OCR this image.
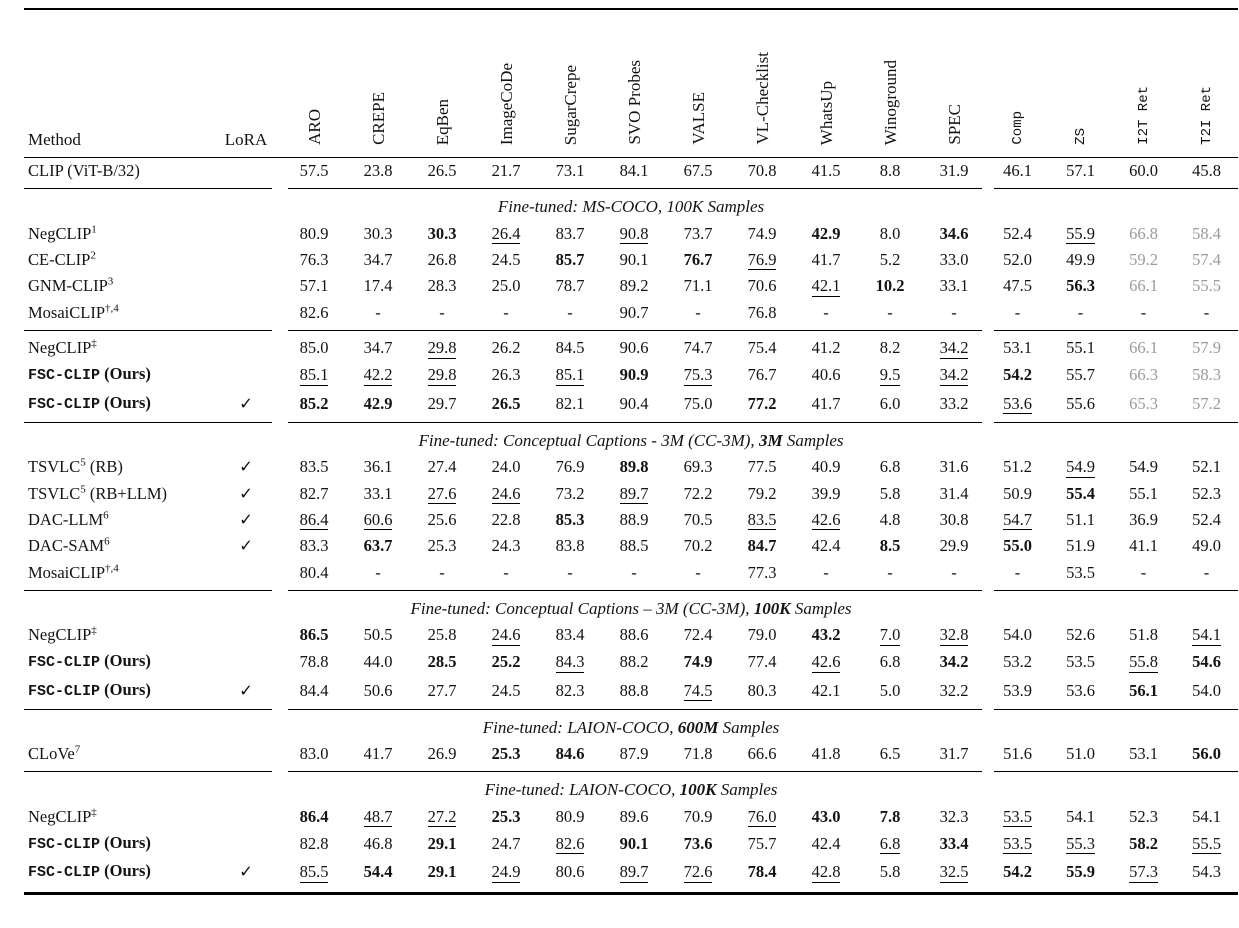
Method	LoRA	ARO	CREPE	EqBen	ImageCoDe	SugarCrepe	SVO Probes	VALSE	VL-Checklist	WhatsUp	Winoground	SPEC	Comp	ZS	I2T Ret	T2I Ret
CLIP (ViT-B/32)		57.5	23.8	26.5	21.7	73.1	84.1	67.5	70.8	41.5	8.8	31.9	46.1	57.1	60.0	45.8

Fine-tuned: MS-COCO, 100K Samples																
NegCLIP$^1$		80.9	30.3	30.3	26.4	83.7	90.8	73.7	74.9	42.9	8.0	34.6	52.4	55.9	66.8	58.4
CE-CLIP$^2$		76.3	34.7	26.8	24.5	85.7	90.1	76.7	76.9	41.7	5.2	33.0	52.0	49.9	59.2	57.4
GNM-CLIP$^3$		57.1	17.4	28.3	25.0	78.7	89.2	71.1	70.6	42.1	10.2	33.1	47.5	56.3	66.1	55.5
MosaiCLIP$^{\dagger,4}$		82.6	-	-	-	-	90.7	-	76.8	-	-	-	-	-	-	-

NegCLIP‡		85.0	34.7	29.8	26.2	84.5	90.6	74.7	75.4	41.2	8.2	34.2	53.1	55.1	66.1	57.9
FSC-CLIP (Ours)		85.1	42.2	29.8	26.3	85.1	90.9	75.3	76.7	40.6	9.5	34.2	54.2	55.7	66.3	58.3
FSC-CLIP (Ours)	✓	85.2	42.9	29.7	26.5	82.1	90.4	75.0	77.2	41.7	6.0	33.2	53.6	55.6	65.3	57.2

Fine-tuned: Conceptual Captions - 3M (CC-3M), 3M Samples																
TSVLC$^5$ (RB)	✓	83.5	36.1	27.4	24.0	76.9	89.8	69.3	77.5	40.9	6.8	31.6	51.2	54.9	54.9	52.1
TSVLC$^5$ (RB+LLM)	✓	82.7	33.1	27.6	24.6	73.2	89.7	72.2	79.2	39.9	5.8	31.4	50.9	55.4	55.1	52.3
DAC-LLM$^6$	✓	86.4	60.6	25.6	22.8	85.3	88.9	70.5	83.5	42.6	4.8	30.8	54.7	51.1	36.9	52.4
DAC-SAM$^6$	✓	83.3	63.7	25.3	24.3	83.8	88.5	70.2	84.7	42.4	8.5	29.9	55.0	51.9	41.1	49.0
MosaiCLIP$^{\dagger,4}$		80.4	-	-	-	-	-	-	77.3	-	-	-	-	53.5	-	-

Fine-tuned: Conceptual Captions – 3M (CC-3M), 100K Samples																
NegCLIP‡		86.5	50.5	25.8	24.6	83.4	88.6	72.4	79.0	43.2	7.0	32.8	54.0	52.6	51.8	54.1
FSC-CLIP (Ours)		78.8	44.0	28.5	25.2	84.3	88.2	74.9	77.4	42.6	6.8	34.2	53.2	53.5	55.8	54.6
FSC-CLIP (Ours)	✓	84.4	50.6	27.7	24.5	82.3	88.8	74.5	80.3	42.1	5.0	32.2	53.9	53.6	56.1	54.0

Fine-tuned: LAION-COCO, 600M Samples																
CLoVe$^7$		83.0	41.7	26.9	25.3	84.6	87.9	71.8	66.6	41.8	6.5	31.7	51.6	51.0	53.1	56.0

Fine-tuned: LAION-COCO, 100K Samples																
NegCLIP‡		86.4	48.7	27.2	25.3	80.9	89.6	70.9	76.0	43.0	7.8	32.3	53.5	54.1	52.3	54.1
FSC-CLIP (Ours)		82.8	46.8	29.1	24.7	82.6	90.1	73.6	75.7	42.4	6.8	33.4	53.5	55.3	58.2	55.5
FSC-CLIP (Ours)	✓	85.5	54.4	29.1	24.9	80.6	89.7	72.6	78.4	42.8	5.8	32.5	54.2	55.9	57.3	54.3
